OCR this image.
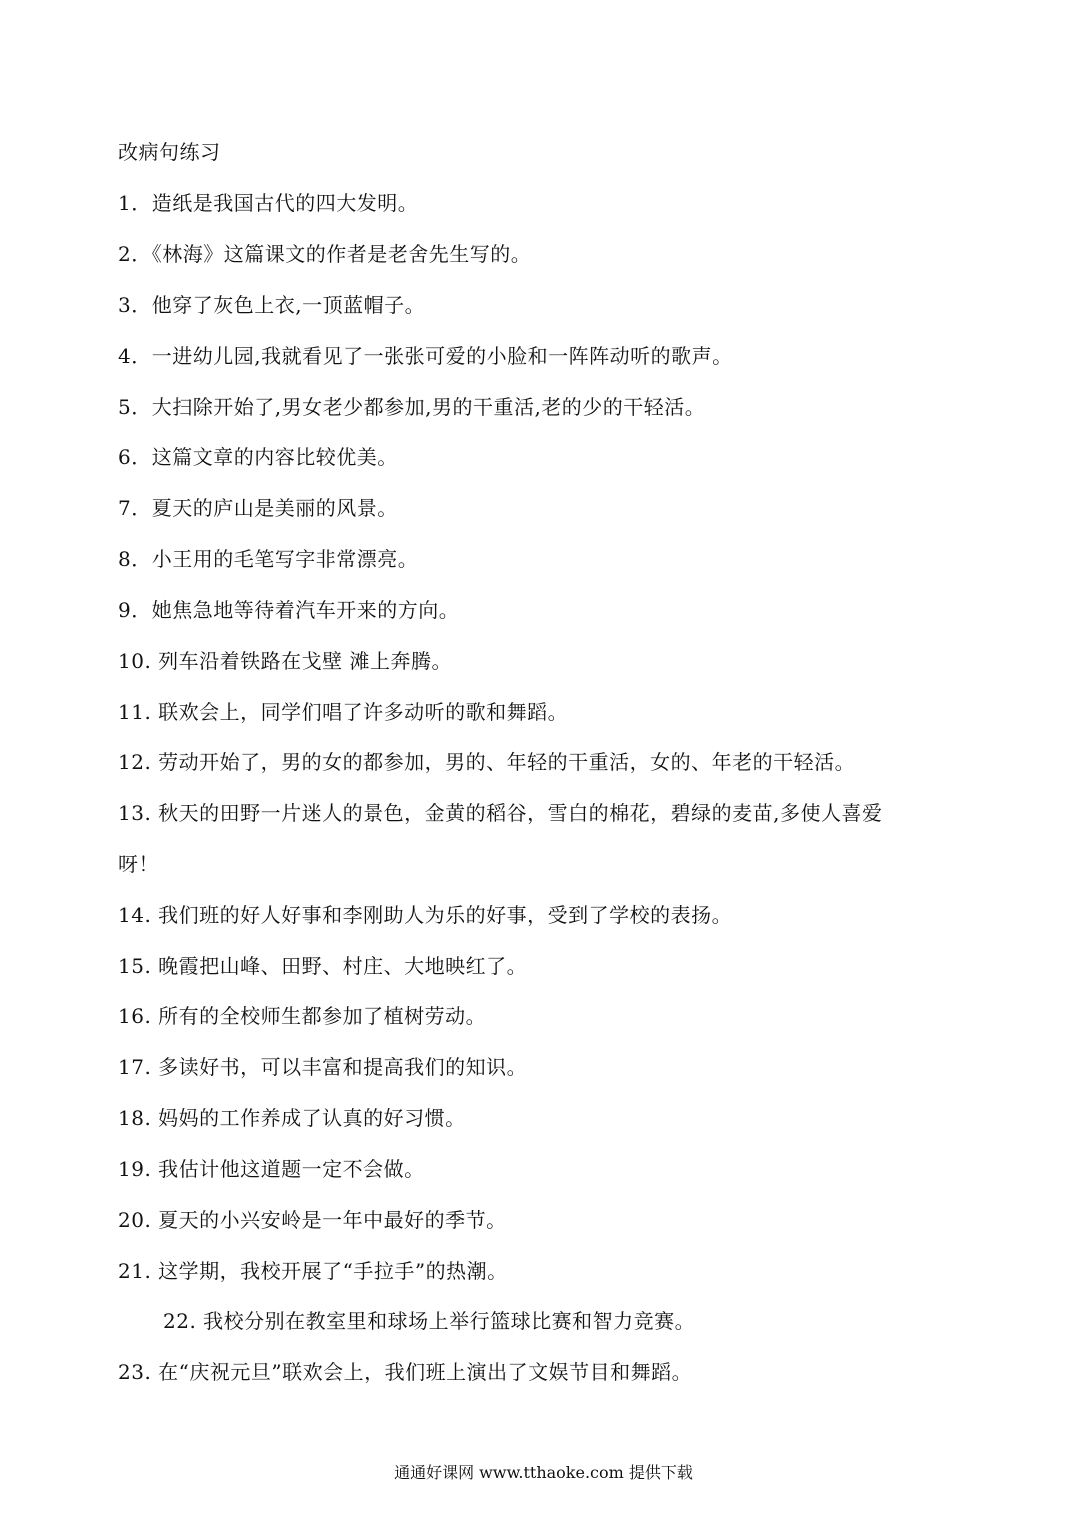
改病句练习
1．造纸是我国古代的四大发明。
2．《林海》这篇课文的作者是老舍先生写的。
3．他穿了灰色上衣,一顶蓝帽子。
4．一进幼儿园,我就看见了一张张可爱的小脸和一阵阵动听的歌声。
5．大扫除开始了,男女老少都参加,男的干重活,老的少的干轻活。
6．这篇文章的内容比较优美。
7．夏天的庐山是美丽的风景。
8．小王用的毛笔写字非常漂亮。
9．她焦急地等待着汽车开来的方向。
10. 列车沿着铁路在戈壁 滩上奔腾。
11. 联欢会上，同学们唱了许多动听的歌和舞蹈。
12. 劳动开始了，男的女的都参加，男的、年轻的干重活，女的、年老的干轻活。
13. 秋天的田野一片迷人的景色，金黄的稻谷，雪白的棉花，碧绿的麦苗,多使人喜爱
呀！
14. 我们班的好人好事和李刚助人为乐的好事，受到了学校的表扬。
15. 晚霞把山峰、田野、村庄、大地映红了。
16. 所有的全校师生都参加了植树劳动。
17. 多读好书，可以丰富和提高我们的知识。
18. 妈妈的工作养成了认真的好习惯。
19. 我估计他这道题一定不会做。
20. 夏天的小兴安岭是一年中最好的季节。
21. 这学期，我校开展了“手拉手”的热潮。
22. 我校分别在教室里和球场上举行篮球比赛和智力竞赛。
23. 在“庆祝元旦”联欢会上，我们班上演出了文娱节目和舞蹈。
通通好课网 www.tthaoke.com 提供下载
